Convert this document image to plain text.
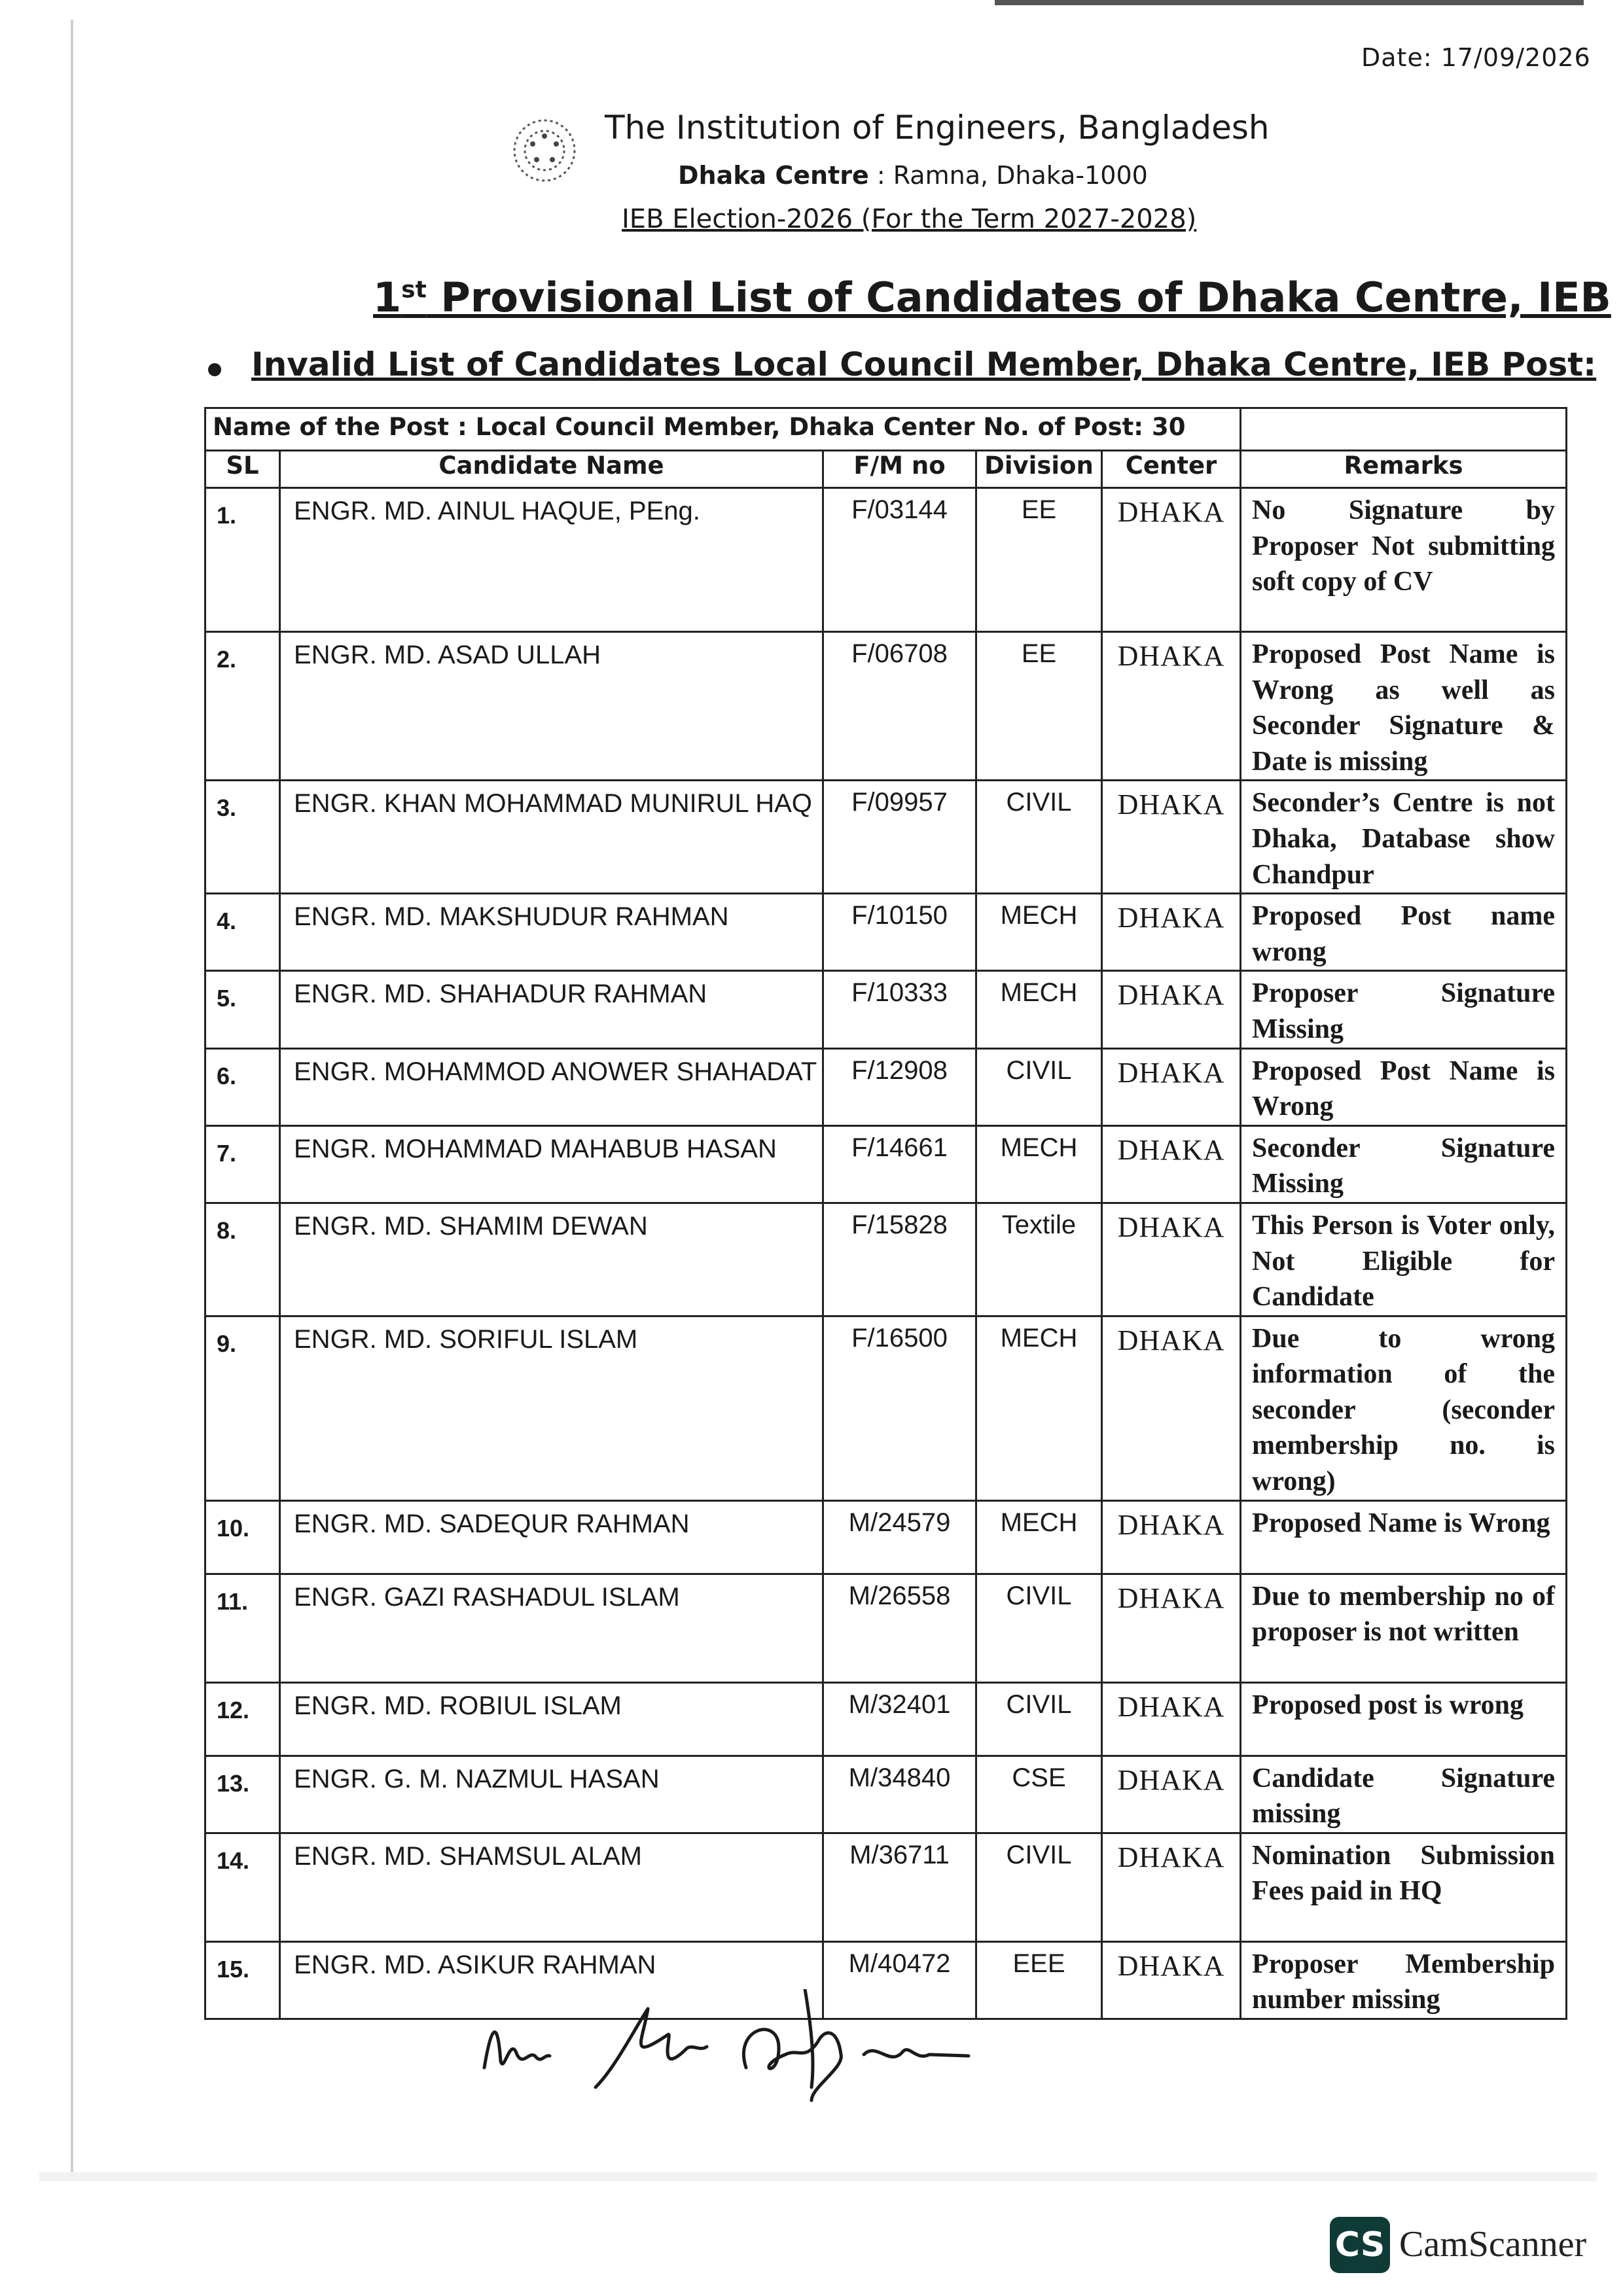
Date: 17/09/2026
The Institution of Engineers, Bangladesh
Dhaka Centre : Ramna, Dhaka-1000
IEB Election-2026 (For the Term 2027-2028)
1st Provisional List of Candidates of Dhaka Centre, IEB
Invalid List of Candidates Local Council Member, Dhaka Centre, IEB Post:
Name of the Post : Local Council Member, Dhaka Center No. of Post: 30					
SL	Candidate Name	F/M no	Division	Center	Remarks
1.	ENGR. MD. AINUL HAQUE, PEng.	F/03144	EE	DHAKA	No Signature by Proposer Not submitting soft copy of CV
2.	ENGR. MD. ASAD ULLAH	F/06708	EE	DHAKA	Proposed Post Name is Wrong as well as Seconder Signature & Date is missing
3.	ENGR. KHAN MOHAMMAD MUNIRUL HAQ	F/09957	CIVIL	DHAKA	Seconder’s Centre is not Dhaka, Database show Chandpur
4.	ENGR. MD. MAKSHUDUR RAHMAN	F/10150	MECH	DHAKA	Proposed Post name wrong
5.	ENGR. MD. SHAHADUR RAHMAN	F/10333	MECH	DHAKA	Proposer Signature Missing
6.	ENGR. MOHAMMOD ANOWER SHAHADAT	F/12908	CIVIL	DHAKA	Proposed Post Name is Wrong
7.	ENGR. MOHAMMAD MAHABUB HASAN	F/14661	MECH	DHAKA	Seconder Signature Missing
8.	ENGR. MD. SHAMIM DEWAN	F/15828	Textile	DHAKA	This Person is Voter only, Not Eligible for Candidate
9.	ENGR. MD. SORIFUL ISLAM	F/16500	MECH	DHAKA	Due to wrong information of the seconder (seconder membership no. is wrong)
10.	ENGR. MD. SADEQUR RAHMAN	M/24579	MECH	DHAKA	Proposed Name is Wrong
11.	ENGR. GAZI RASHADUL ISLAM	M/26558	CIVIL	DHAKA	Due to membership no of proposer is not written
12.	ENGR. MD. ROBIUL ISLAM	M/32401	CIVIL	DHAKA	Proposed post is wrong
13.	ENGR. G. M. NAZMUL HASAN	M/34840	CSE	DHAKA	Candidate Signature missing
14.	ENGR. MD. SHAMSUL ALAM	M/36711	CIVIL	DHAKA	Nomination Submission Fees paid in HQ
15.	ENGR. MD. ASIKUR RAHMAN	M/40472	EEE	DHAKA	Proposer Membership number missing
CS CamScanner
